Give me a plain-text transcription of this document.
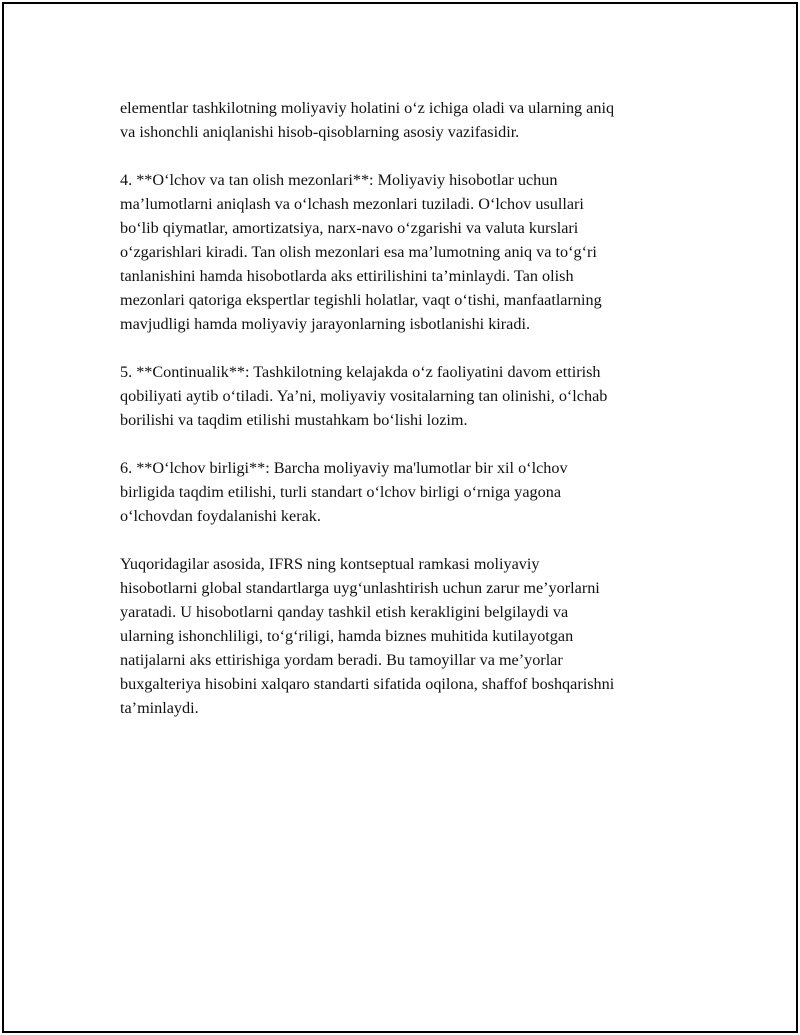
elementlar tashkilotning moliyaviy holatini o‘z ichiga oladi va ularning aniq
va ishonchli aniqlanishi hisob-qisoblarning asosiy vazifasidir.

4. **O‘lchov va tan olish mezonlari**: Moliyaviy hisobotlar uchun
ma’lumotlarni aniqlash va o‘lchash mezonlari tuziladi. O‘lchov usullari
bo‘lib qiymatlar, amortizatsiya, narx-navo o‘zgarishi va valuta kurslari
o‘zgarishlari kiradi. Tan olish mezonlari esa ma’lumotning aniq va to‘g‘ri
tanlanishini hamda hisobotlarda aks ettirilishini ta’minlaydi. Tan olish
mezonlari qatoriga ekspertlar tegishli holatlar, vaqt o‘tishi, manfaatlarning
mavjudligi hamda moliyaviy jarayonlarning isbotlanishi kiradi.

5. **Continualik**: Tashkilotning kelajakda o‘z faoliyatini davom ettirish
qobiliyati aytib o‘tiladi. Ya’ni, moliyaviy vositalarning tan olinishi, o‘lchab
borilishi va taqdim etilishi mustahkam bo‘lishi lozim.

6. **O‘lchov birligi**: Barcha moliyaviy ma'lumotlar bir xil o‘lchov
birligida taqdim etilishi, turli standart o‘lchov birligi o‘rniga yagona
o‘lchovdan foydalanishi kerak.

Yuqoridagilar asosida, IFRS ning kontseptual ramkasi moliyaviy
hisobotlarni global standartlarga uyg‘unlashtirish uchun zarur me’yorlarni
yaratadi. U hisobotlarni qanday tashkil etish kerakligini belgilaydi va
ularning ishonchliligi, to‘g‘riligi, hamda biznes muhitida kutilayotgan
natijalarni aks ettirishiga yordam beradi. Bu tamoyillar va me’yorlar
buxgalteriya hisobini xalqaro standarti sifatida oqilona, shaffof boshqarishni
ta’minlaydi.
